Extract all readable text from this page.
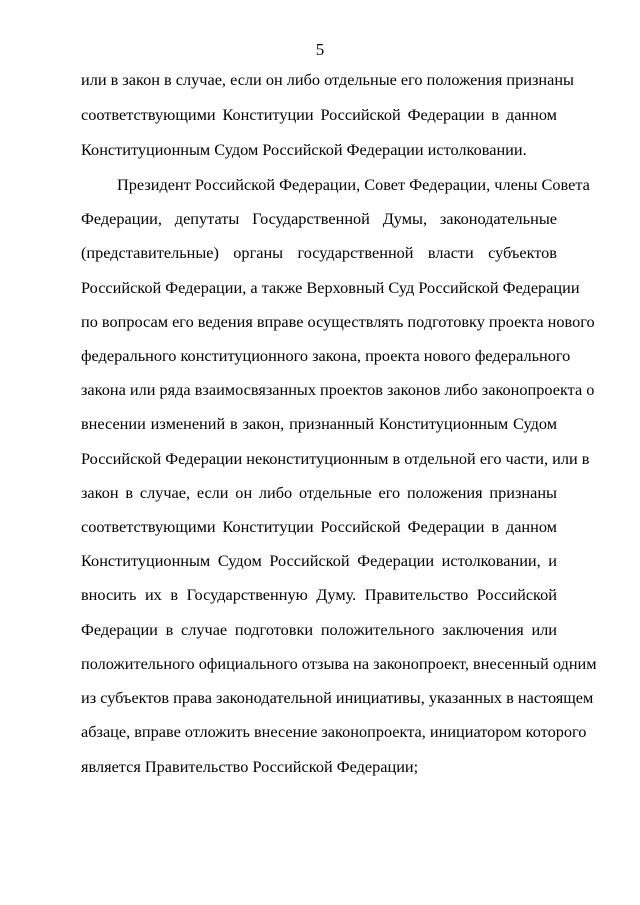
5
или в закон в случае, если он либо отдельные его положения признаны
соответствующими Конституции Российской Федерации в данном
Конституционным Судом Российской Федерации истолковании.
Президент Российской Федерации, Совет Федерации, члены Совета
Федерации, депутаты Государственной Думы, законодательные
(представительные) органы государственной власти субъектов
Российской Федерации, а также Верховный Суд Российской Федерации
по вопросам его ведения вправе осуществлять подготовку проекта нового
федерального конституционного закона, проекта нового федерального
закона или ряда взаимосвязанных проектов законов либо законопроекта о
внесении изменений в закон, признанный Конституционным Судом
Российской Федерации неконституционным в отдельной его части, или в
закон в случае, если он либо отдельные его положения признаны
соответствующими Конституции Российской Федерации в данном
Конституционным Судом Российской Федерации истолковании, и
вносить их в Государственную Думу. Правительство Российской
Федерации в случае подготовки положительного заключения или
положительного официального отзыва на законопроект, внесенный одним
из субъектов права законодательной инициативы, указанных в настоящем
абзаце, вправе отложить внесение законопроекта, инициатором которого
является Правительство Российской Федерации;
